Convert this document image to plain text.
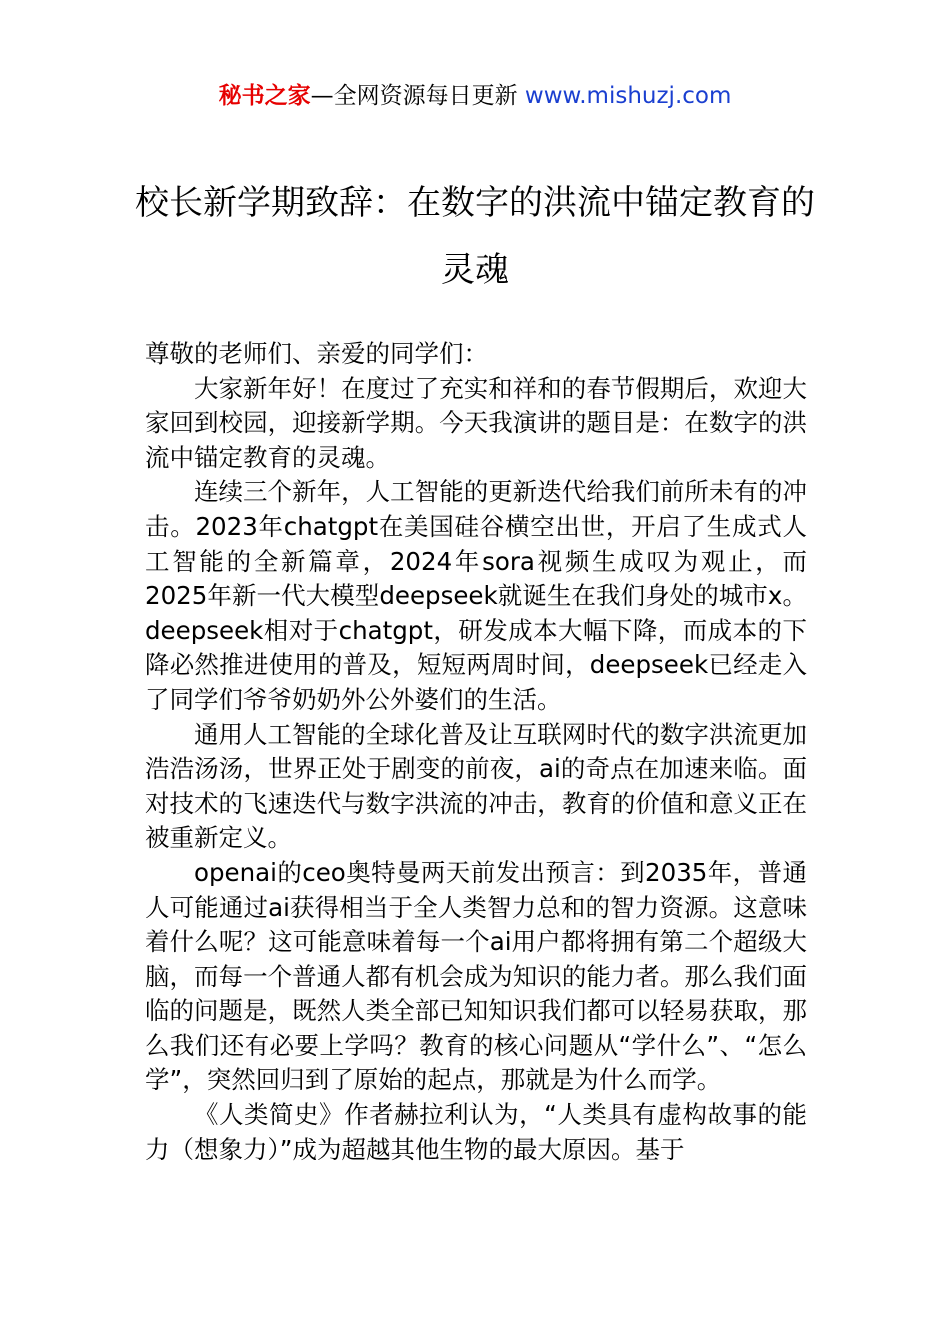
秘书之家—全网资源每日更新 www.mishuzj.com
校长新学期致辞：在数字的洪流中锚定教育的灵魂

尊敬的老师们、亲爱的同学们：

大家新年好！在度过了充实和祥和的春节假期后，欢迎大家回到校园，迎接新学期。今天我演讲的题目是：在数字的洪流中锚定教育的灵魂。

连续三个新年，人工智能的更新迭代给我们前所未有的冲击。2023年chatgpt在美国硅谷横空出世，开启了生成式人工智能的全新篇章，2024年sora视频生成叹为观止，而2025年新一代大模型deepseek就诞生在我们身处的城市x。deepseek相对于chatgpt，研发成本大幅下降，而成本的下降必然推进使用的普及，短短两周时间，deepseek已经走入了同学们爷爷奶奶外公外婆们的生活。

通用人工智能的全球化普及让互联网时代的数字洪流更加浩浩汤汤，世界正处于剧变的前夜，ai的奇点在加速来临。面对技术的飞速迭代与数字洪流的冲击，教育的价值和意义正在被重新定义。

openai的ceo奥特曼两天前发出预言：到2035年，普通人可能通过ai获得相当于全人类智力总和的智力资源。这意味着什么呢？这可能意味着每一个ai用户都将拥有第二个超级大脑，而每一个普通人都有机会成为知识的能力者。那么我们面临的问题是，既然人类全部已知知识我们都可以轻易获取，那么我们还有必要上学吗？教育的核心问题从“学什么”、“怎么学”，突然回归到了原始的起点，那就是为什么而学。

《人类简史》作者赫拉利认为，“人类具有虚构故事的能力（想象力）”成为超越其他生物的最大原因。基于
